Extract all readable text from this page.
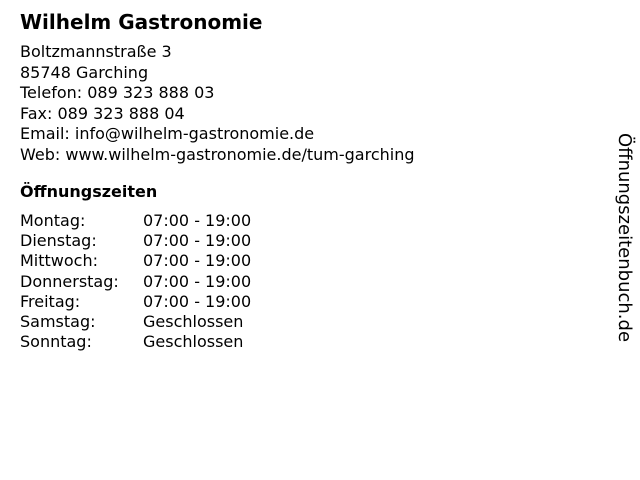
Wilhelm Gastronomie
Boltzmannstraße 3
85748 Garching
Telefon: 089 323 888 03
Fax: 089 323 888 04
Email: info@wilhelm-gastronomie.de
Web: www.wilhelm-gastronomie.de/tum-garching
Öffnungszeiten
Montag:	07:00 - 19:00
Dienstag:	07:00 - 19:00
Mittwoch:	07:00 - 19:00
Donnerstag:	07:00 - 19:00
Freitag:	07:00 - 19:00
Samstag:	Geschlossen
Sonntag:	Geschlossen	Öffnungszeitenbuch.de
